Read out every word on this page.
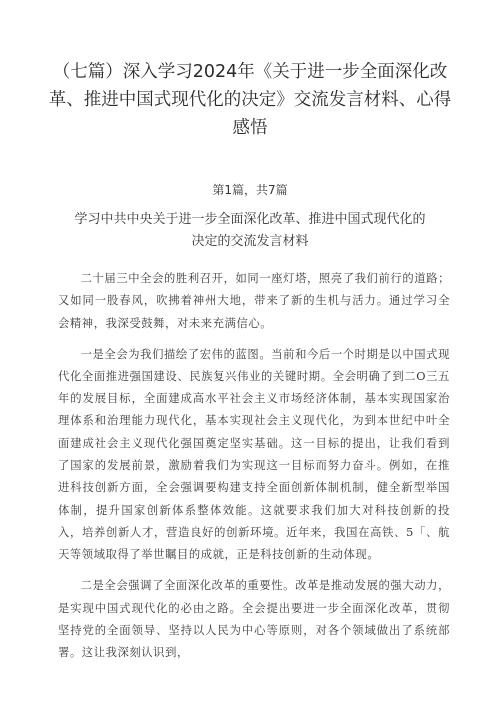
（七篇）深入学习2024年《关于进一步全面深化改
革、推进中国式现代化的决定》交流发言材料、心得
感悟
第1篇，共7篇
学习中共中央关于进一步全面深化改革、推进中国式现代化的
决定的交流发言材料

二十届三中全会的胜利召开，如同一座灯塔，照亮了我们前行的道路；又如同一股春风，吹拂着神州大地，带来了新的生机与活力。通过学习全会精神，我深受鼓舞，对未来充满信心。

一是全会为我们描绘了宏伟的蓝图。当前和今后一个时期是以中国式现代化全面推进强国建设、民族复兴伟业的关键时期。全会明确了到二O三五年的发展目标，全面建成高水平社会主义市场经济体制，基本实现国家治理体系和治理能力现代化，基本实现社会主义现代化，为到本世纪中叶全面建成社会主义现代化强国奠定坚实基础。这一目标的提出，让我们看到了国家的发展前景，激励着我们为实现这一目标而努力奋斗。例如，在推进科技创新方面，全会强调要构建支持全面创新体制机制，健全新型举国体制，提升国家创新体系整体效能。这就要求我们加大对科技创新的投入，培养创新人才，营造良好的创新环境。近年来，我国在高铁、5「、航天等领域取得了举世瞩目的成就，正是科技创新的生动体现。

二是全会强调了全面深化改革的重要性。改革是推动发展的强大动力，是实现中国式现代化的必由之路。全会提出要进一步全面深化改革，贯彻坚持党的全面领导、坚持以人民为中心等原则，对各个领域做出了系统部署。这让我深刻认识到，
